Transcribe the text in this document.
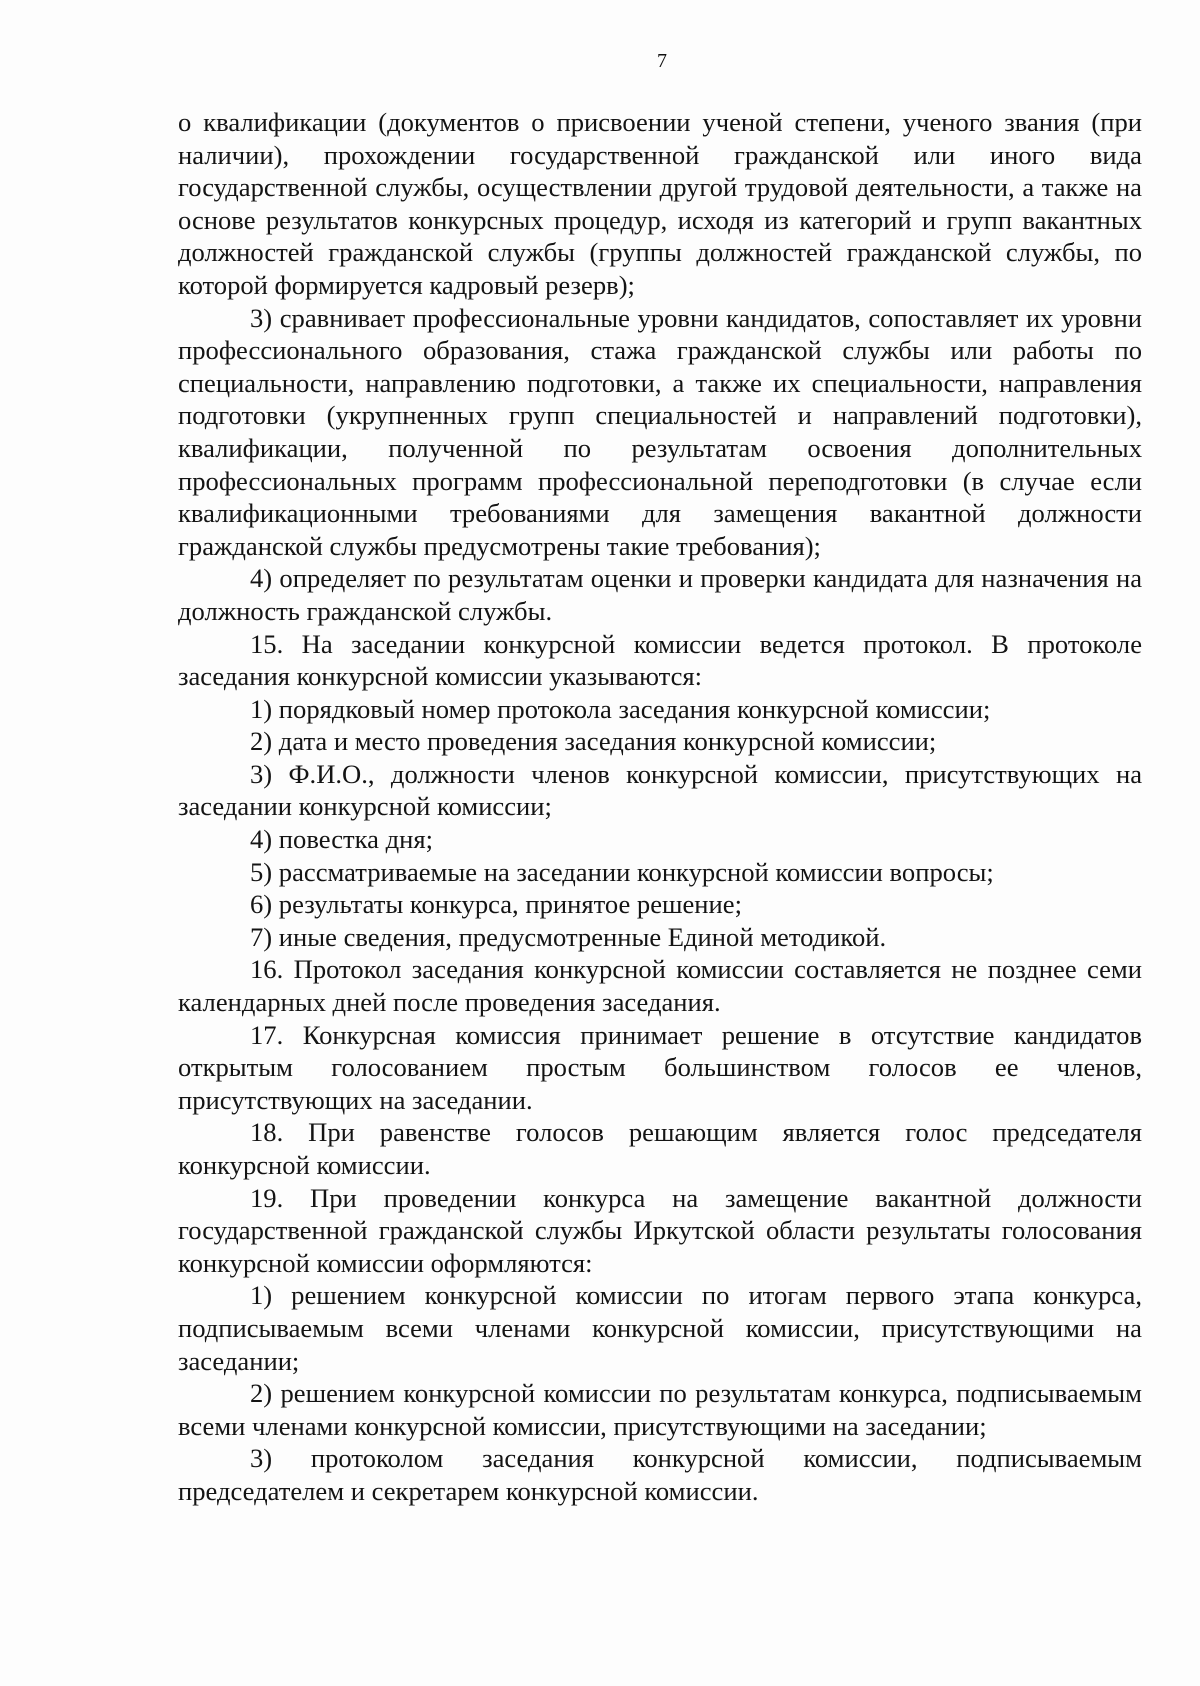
7

о квалификации (документов о присвоении ученой степени, ученого звания (при наличии), прохождении государственной гражданской или иного вида государственной службы, осуществлении другой трудовой деятельности, а также на основе результатов конкурсных процедур, исходя из категорий и групп вакантных должностей гражданской службы (группы должностей гражданской службы, по которой формируется кадровый резерв);

3) сравнивает профессиональные уровни кандидатов, сопоставляет их уровни профессионального образования, стажа гражданской службы или работы по специальности, направлению подготовки, а также их специальности, направления подготовки (укрупненных групп специальностей и направлений подготовки), квалификации, полученной по результатам освоения дополнительных профессиональных программ профессиональной переподготовки (в случае если квалификационными требованиями для замещения вакантной должности гражданской службы предусмотрены такие требования);

4) определяет по результатам оценки и проверки кандидата для назначения на должность гражданской службы.

15. На заседании конкурсной комиссии ведется протокол. В протоколе заседания конкурсной комиссии указываются:

1) порядковый номер протокола заседания конкурсной комиссии;

2) дата и место проведения заседания конкурсной комиссии;

3) Ф.И.О., должности членов конкурсной комиссии, присутствующих на заседании конкурсной комиссии;

4) повестка дня;

5) рассматриваемые на заседании конкурсной комиссии вопросы;

6) результаты конкурса, принятое решение;

7) иные сведения, предусмотренные Единой методикой.

16. Протокол заседания конкурсной комиссии составляется не позднее семи календарных дней после проведения заседания.

17. Конкурсная комиссия принимает решение в отсутствие кандидатов открытым голосованием простым большинством голосов ее членов, присутствующих на заседании.

18. При равенстве голосов решающим является голос председателя конкурсной комиссии.

19. При проведении конкурса на замещение вакантной должности государственной гражданской службы Иркутской области результаты голосования конкурсной комиссии оформляются:

1) решением конкурсной комиссии по итогам первого этапа конкурса, подписываемым всеми членами конкурсной комиссии, присутствующими на заседании;

2) решением конкурсной комиссии по результатам конкурса, подписываемым всеми членами конкурсной комиссии, присутствующими на заседании;

3) протоколом заседания конкурсной комиссии, подписываемым председателем и секретарем конкурсной комиссии.
